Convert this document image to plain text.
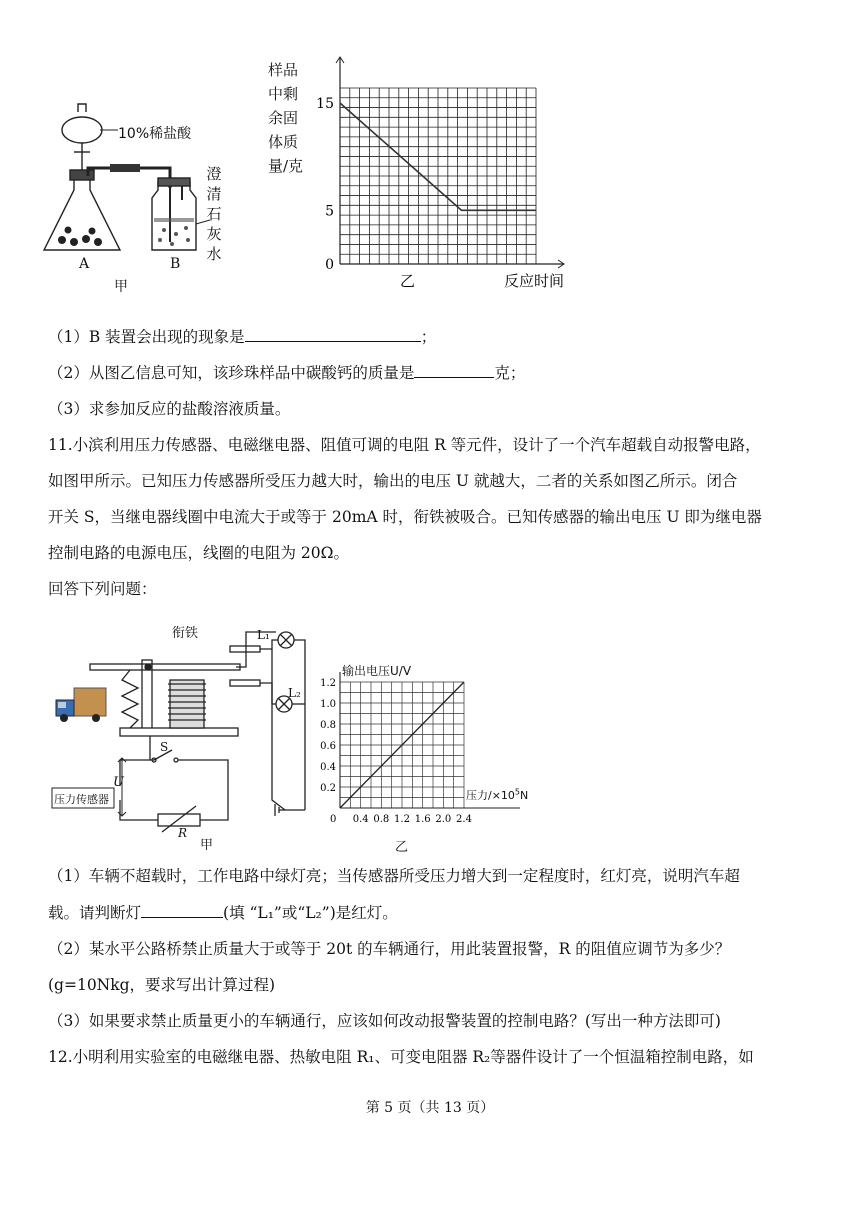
10%稀盐酸
澄
清
石
灰
水
A	B
甲
样品
中剩
余固
体质
量/克
15
5
0
反应时间
乙
（1）B 装置会出现的现象是	；
（2）从图乙信息可知，该珍珠样品中碳酸钙的质量是	克；
（3）求参加反应的盐酸溶液质量。
11.小滨利用压力传感器、电磁继电器、阻值可调的电阻 R 等元件，设计了一个汽车超载自动报警电路，
如图甲所示。已知压力传感器所受压力越大时，输出的电压 U 就越大，二者的关系如图乙所示。闭合
开关 S，当继电器线圈中电流大于或等于 20mA 时，衔铁被吸合。已知传感器的输出电压 U 即为继电器
控制电路的电源电压，线圈的电阻为 20Ω。
回答下列问题：
衔铁	L₁
L₂
S
U
压力传感器
R
甲
输出电压U/V
1.2
1.0
0.8
0.6
0.4
0.2
0.4 0.8 1.2 1.6 2.0 2.4
0
压力$/\times 10^5N$
乙
（1）车辆不超载时，工作电路中绿灯亮；当传感器所受压力增大到一定程度时，红灯亮，说明汽车超
载。请判断灯	(填 “L₁”或“L₂”)是红灯。
（2）某水平公路桥禁止质量大于或等于 20t 的车辆通行，用此装置报警，R 的阻值应调节为多少？
(g=10Nkg，要求写出计算过程)
（3）如果要求禁止质量更小的车辆通行，应该如何改动报警装置的控制电路？(写出一种方法即可)
12.小明利用实验室的电磁继电器、热敏电阻 R₁、可变电阻器 R₂等器件设计了一个恒温箱控制电路，如
第 5 页（共 13 页）
